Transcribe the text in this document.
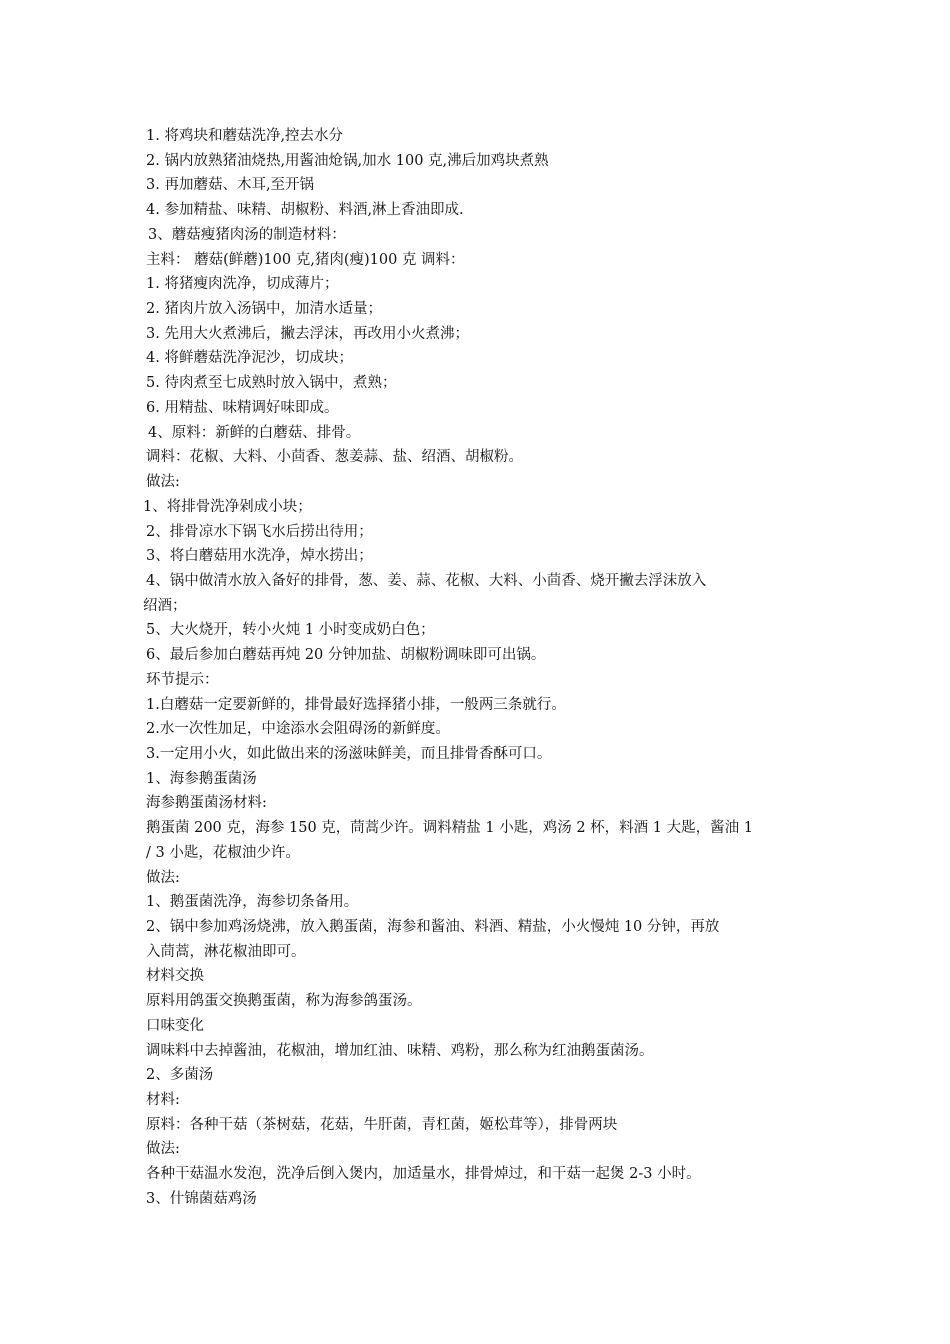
1. 将鸡块和蘑菇洗净,控去水分
2. 锅内放熟猪油烧热,用酱油炝锅,加水 100 克,沸后加鸡块煮熟
3. 再加蘑菇、木耳,至开锅
4. 参加精盐、味精、胡椒粉、料酒,淋上香油即成.
3、蘑菇瘦猪肉汤的制造材料：
主料： 蘑菇(鲜蘑)100 克,猪肉(瘦)100 克 调料：
1. 将猪瘦肉洗净，切成薄片；
2. 猪肉片放入汤锅中，加清水适量；
3. 先用大火煮沸后，撇去浮沫，再改用小火煮沸；
4. 将鲜蘑菇洗净泥沙，切成块；
5. 待肉煮至七成熟时放入锅中，煮熟；
6. 用精盐、味精调好味即成。
4、原料：新鲜的白蘑菇、排骨。
调料：花椒、大料、小茴香、葱姜蒜、盐、绍酒、胡椒粉。
做法:
1、将排骨洗净剁成小块；
2、排骨凉水下锅飞水后捞出待用；
3、将白蘑菇用水洗净，焯水捞出；
4、锅中做清水放入备好的排骨，葱、姜、蒜、花椒、大料、小茴香、烧开撇去浮沫放入
绍酒；
5、大火烧开，转小火炖 1 小时变成奶白色；
6、最后参加白蘑菇再炖 20 分钟加盐、胡椒粉调味即可出锅。
环节提示：
1.白蘑菇一定要新鲜的，排骨最好选择猪小排，一般两三条就行。
2.水一次性加足，中途添水会阻碍汤的新鲜度。
3.一定用小火，如此做出来的汤滋味鲜美，而且排骨香酥可口。
1、海参鹅蛋菌汤
海参鹅蛋菌汤材料:
鹅蛋菌 200 克，海参 150 克，茼蒿少许。调料精盐 1 小匙，鸡汤 2 杯，料酒 1 大匙，酱油 1
/ 3 小匙，花椒油少许。
做法:
1、鹅蛋菌洗净，海参切条备用。
2、锅中参加鸡汤烧沸，放入鹅蛋菌，海参和酱油、料酒、精盐，小火慢炖 10 分钟，再放
入茼蒿，淋花椒油即可。
材料交换
原料用鸽蛋交换鹅蛋菌，称为海参鸽蛋汤。
口味变化
调味料中去掉酱油，花椒油，增加红油、味精、鸡粉，那么称为红油鹅蛋菌汤。
2、多菌汤
材料:
原料：各种干菇（茶树菇，花菇，牛肝菌，青杠菌，姬松茸等），排骨两块
做法:
各种干菇温水发泡，洗净后倒入煲内，加适量水，排骨焯过，和干菇一起煲 2-3 小时。
3、什锦菌菇鸡汤
